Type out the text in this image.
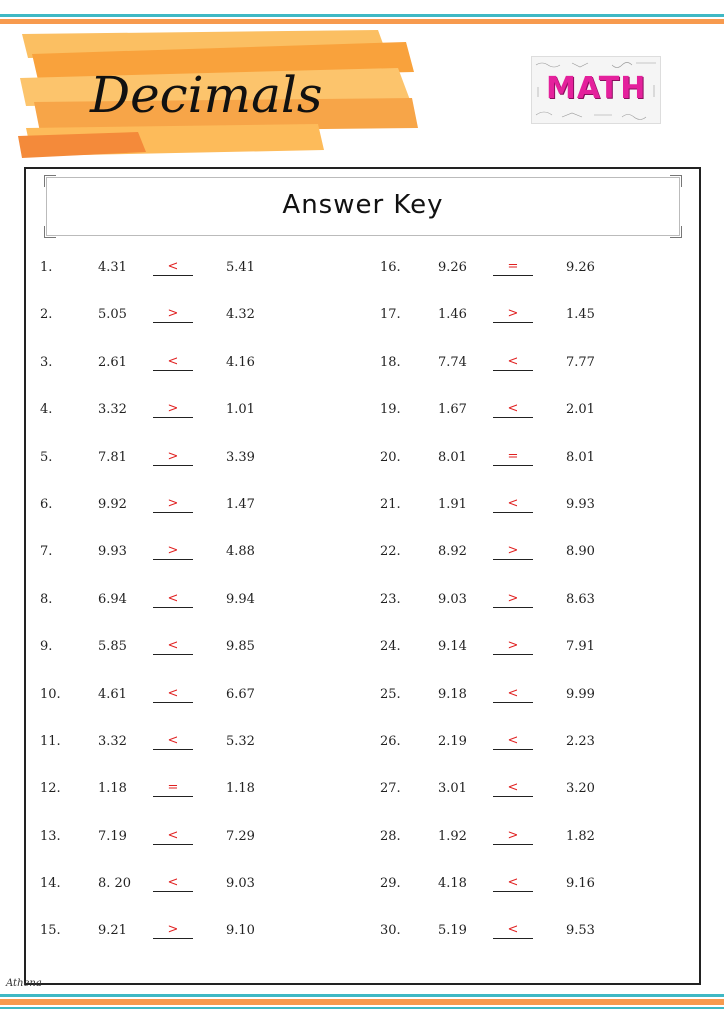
Decimals	MATH
Answer Key
1.	4.31	<	5.41
2.	5.05	>	4.32
3.	2.61	<	4.16
4.	3.32	>	1.01
5.	7.81	>	3.39
6.	9.92	>	1.47
7.	9.93	>	4.88
8.	6.94	<	9.94
9.	5.85	<	9.85
10.	4.61	<	6.67
11.	3.32	<	5.32
12.	1.18	=	1.18
13.	7.19	<	7.29
14.	8. 20	<	9.03
15.	9.21	>	9.10
16.	9.26	=	9.26
17.	1.46	>	1.45
18.	7.74	<	7.77
19.	1.67	<	2.01
20.	8.01	=	8.01
21.	1.91	<	9.93
22.	8.92	>	8.90
23.	9.03	>	8.63
24.	9.14	>	7.91
25.	9.18	<	9.99
26.	2.19	<	2.23
27.	3.01	<	3.20
28.	1.92	>	1.82
29.	4.18	<	9.16
30.	5.19	<	9.53
Athena
